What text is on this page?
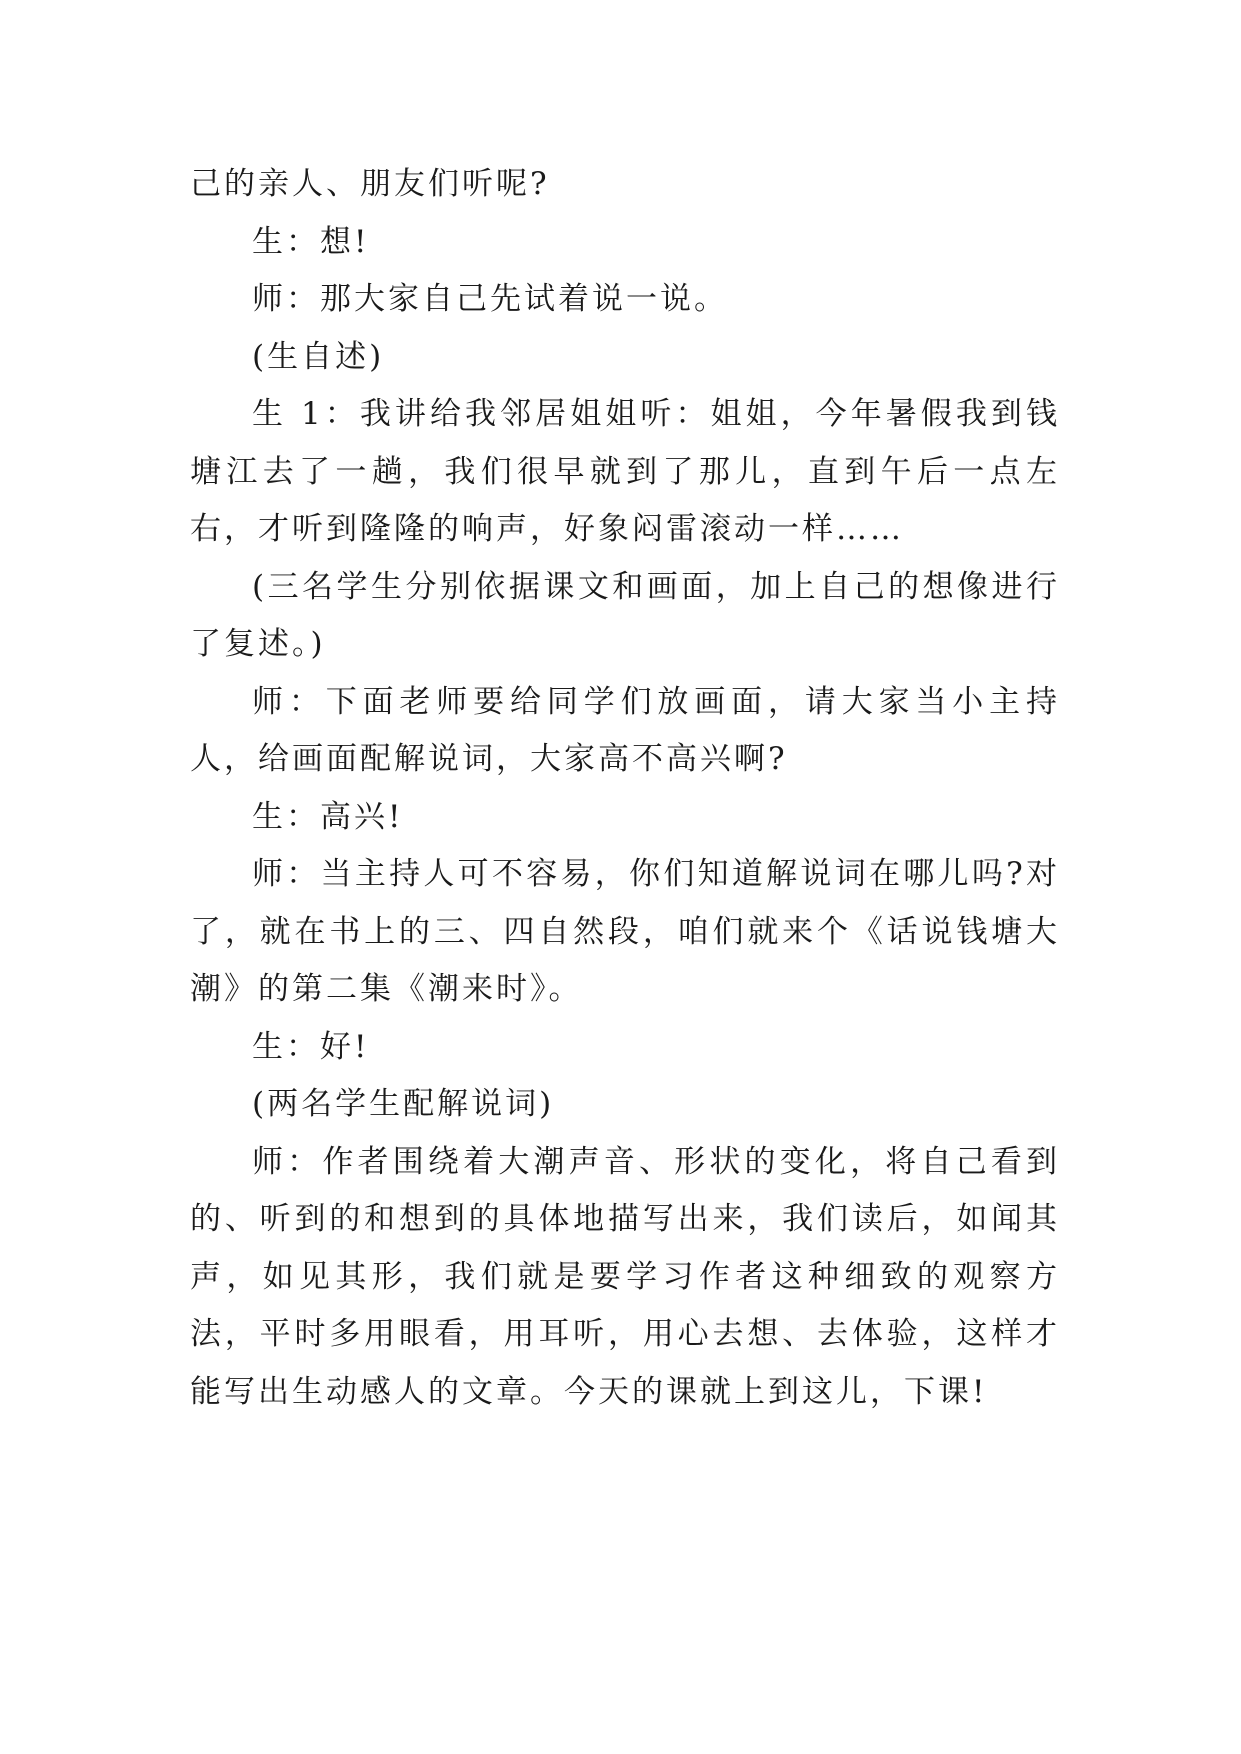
己的亲人、朋友们听呢?

生：想!

师：那大家自己先试着说一说。

(生自述)

生 1：我讲给我邻居姐姐听：姐姐，今年暑假我到钱塘江去了一趟，我们很早就到了那儿，直到午后一点左右，才听到隆隆的响声，好象闷雷滚动一样……

(三名学生分别依据课文和画面，加上自己的想像进行了复述。)

师：下面老师要给同学们放画面，请大家当小主持人，给画面配解说词，大家高不高兴啊?

生：高兴!

师：当主持人可不容易，你们知道解说词在哪儿吗?对了，就在书上的三、四自然段，咱们就来个《话说钱塘大潮》的第二集《潮来时》。

生：好!

(两名学生配解说词)

师：作者围绕着大潮声音、形状的变化，将自己看到的、听到的和想到的具体地描写出来，我们读后，如闻其声，如见其形，我们就是要学习作者这种细致的观察方法，平时多用眼看，用耳听，用心去想、去体验，这样才能写出生动感人的文章。今天的课就上到这儿，下课!
